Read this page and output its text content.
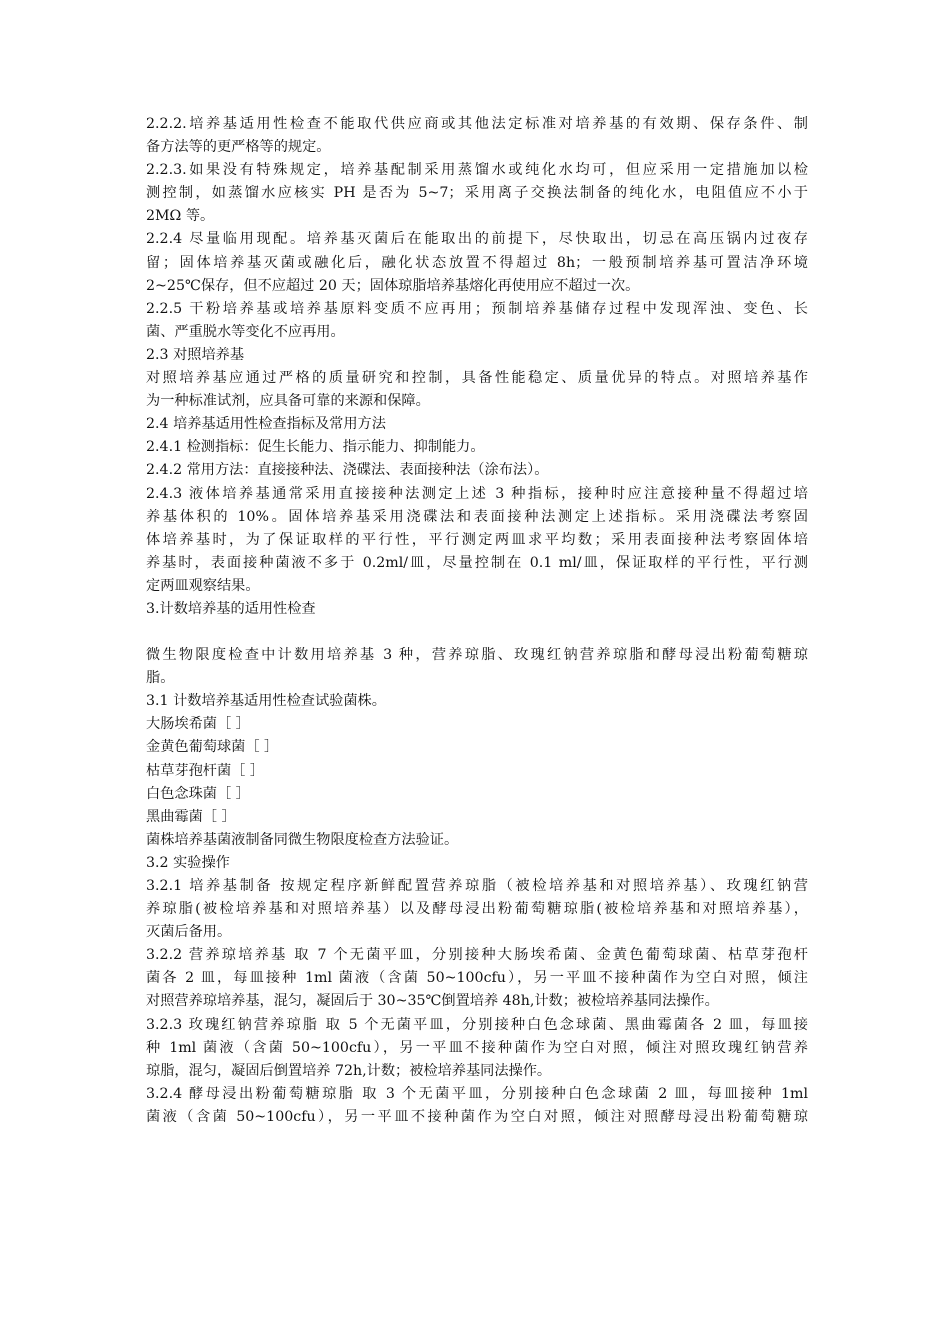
2.2.2.培养基适用性检查不能取代供应商或其他法定标准对培养基的有效期、保存条件、制
备方法等的更严格等的规定。
2.2.3.如果没有特殊规定，培养基配制采用蒸馏水或纯化水均可，但应采用一定措施加以检
测控制，如蒸馏水应核实 PH 是否为 5~7；采用离子交换法制备的纯化水，电阻值应不小于
2MΩ 等。
2.2.4 尽量临用现配。培养基灭菌后在能取出的前提下，尽快取出，切忌在高压锅内过夜存
留；固体培养基灭菌或融化后，融化状态放置不得超过 8h；一般预制培养基可置洁净环境
2~25℃保存，但不应超过 20 天；固体琼脂培养基熔化再使用应不超过一次。
2.2.5 干粉培养基或培养基原料变质不应再用；预制培养基储存过程中发现浑浊、变色、长
菌、严重脱水等变化不应再用。
2.3 对照培养基
对照培养基应通过严格的质量研究和控制，具备性能稳定、质量优异的特点。对照培养基作
为一种标准试剂，应具备可靠的来源和保障。
2.4 培养基适用性检查指标及常用方法
2.4.1 检测指标：促生长能力、指示能力、抑制能力。
2.4.2 常用方法：直接接种法、浇碟法、表面接种法（涂布法）。
2.4.3 液体培养基通常采用直接接种法测定上述 3 种指标，接种时应注意接种量不得超过培
养基体积的 10%。固体培养基采用浇碟法和表面接种法测定上述指标。采用浇碟法考察固
体培养基时，为了保证取样的平行性，平行测定两皿求平均数；采用表面接种法考察固体培
养基时，表面接种菌液不多于 0.2ml/皿，尽量控制在 0.1 ml/皿，保证取样的平行性，平行测
定两皿观察结果。
3.计数培养基的适用性检查
微生物限度检查中计数用培养基 3 种，营养琼脂、玫瑰红钠营养琼脂和酵母浸出粉葡萄糖琼
脂。
3.1 计数培养基适用性检查试验菌株。
大肠埃希菌［ ］
金黄色葡萄球菌［ ］
枯草芽孢杆菌［ ］
白色念珠菌［ ］
黑曲霉菌［ ］
菌株培养基菌液制备同微生物限度检查方法验证。
3.2 实验操作
3.2.1 培养基制备 按规定程序新鲜配置营养琼脂（被检培养基和对照培养基）、玫瑰红钠营
养琼脂(被检培养基和对照培养基）以及酵母浸出粉葡萄糖琼脂(被检培养基和对照培养基），
灭菌后备用。
3.2.2 营养琼培养基 取 7 个无菌平皿，分别接种大肠埃希菌、金黄色葡萄球菌、枯草芽孢杆
菌各 2 皿，每皿接种 1ml 菌液（含菌 50~100cfu），另一平皿不接种菌作为空白对照，倾注
对照营养琼培养基，混匀，凝固后于 30~35℃倒置培养 48h,计数；被检培养基同法操作。
3.2.3 玫瑰红钠营养琼脂 取 5 个无菌平皿，分别接种白色念球菌、黑曲霉菌各 2 皿，每皿接
种 1ml 菌液（含菌 50~100cfu），另一平皿不接种菌作为空白对照，倾注对照玫瑰红钠营养
琼脂，混匀，凝固后倒置培养 72h,计数；被检培养基同法操作。
3.2.4 酵母浸出粉葡萄糖琼脂 取 3 个无菌平皿，分别接种白色念球菌 2 皿，每皿接种 1ml
菌液（含菌 50~100cfu），另一平皿不接种菌作为空白对照，倾注对照酵母浸出粉葡萄糖琼
